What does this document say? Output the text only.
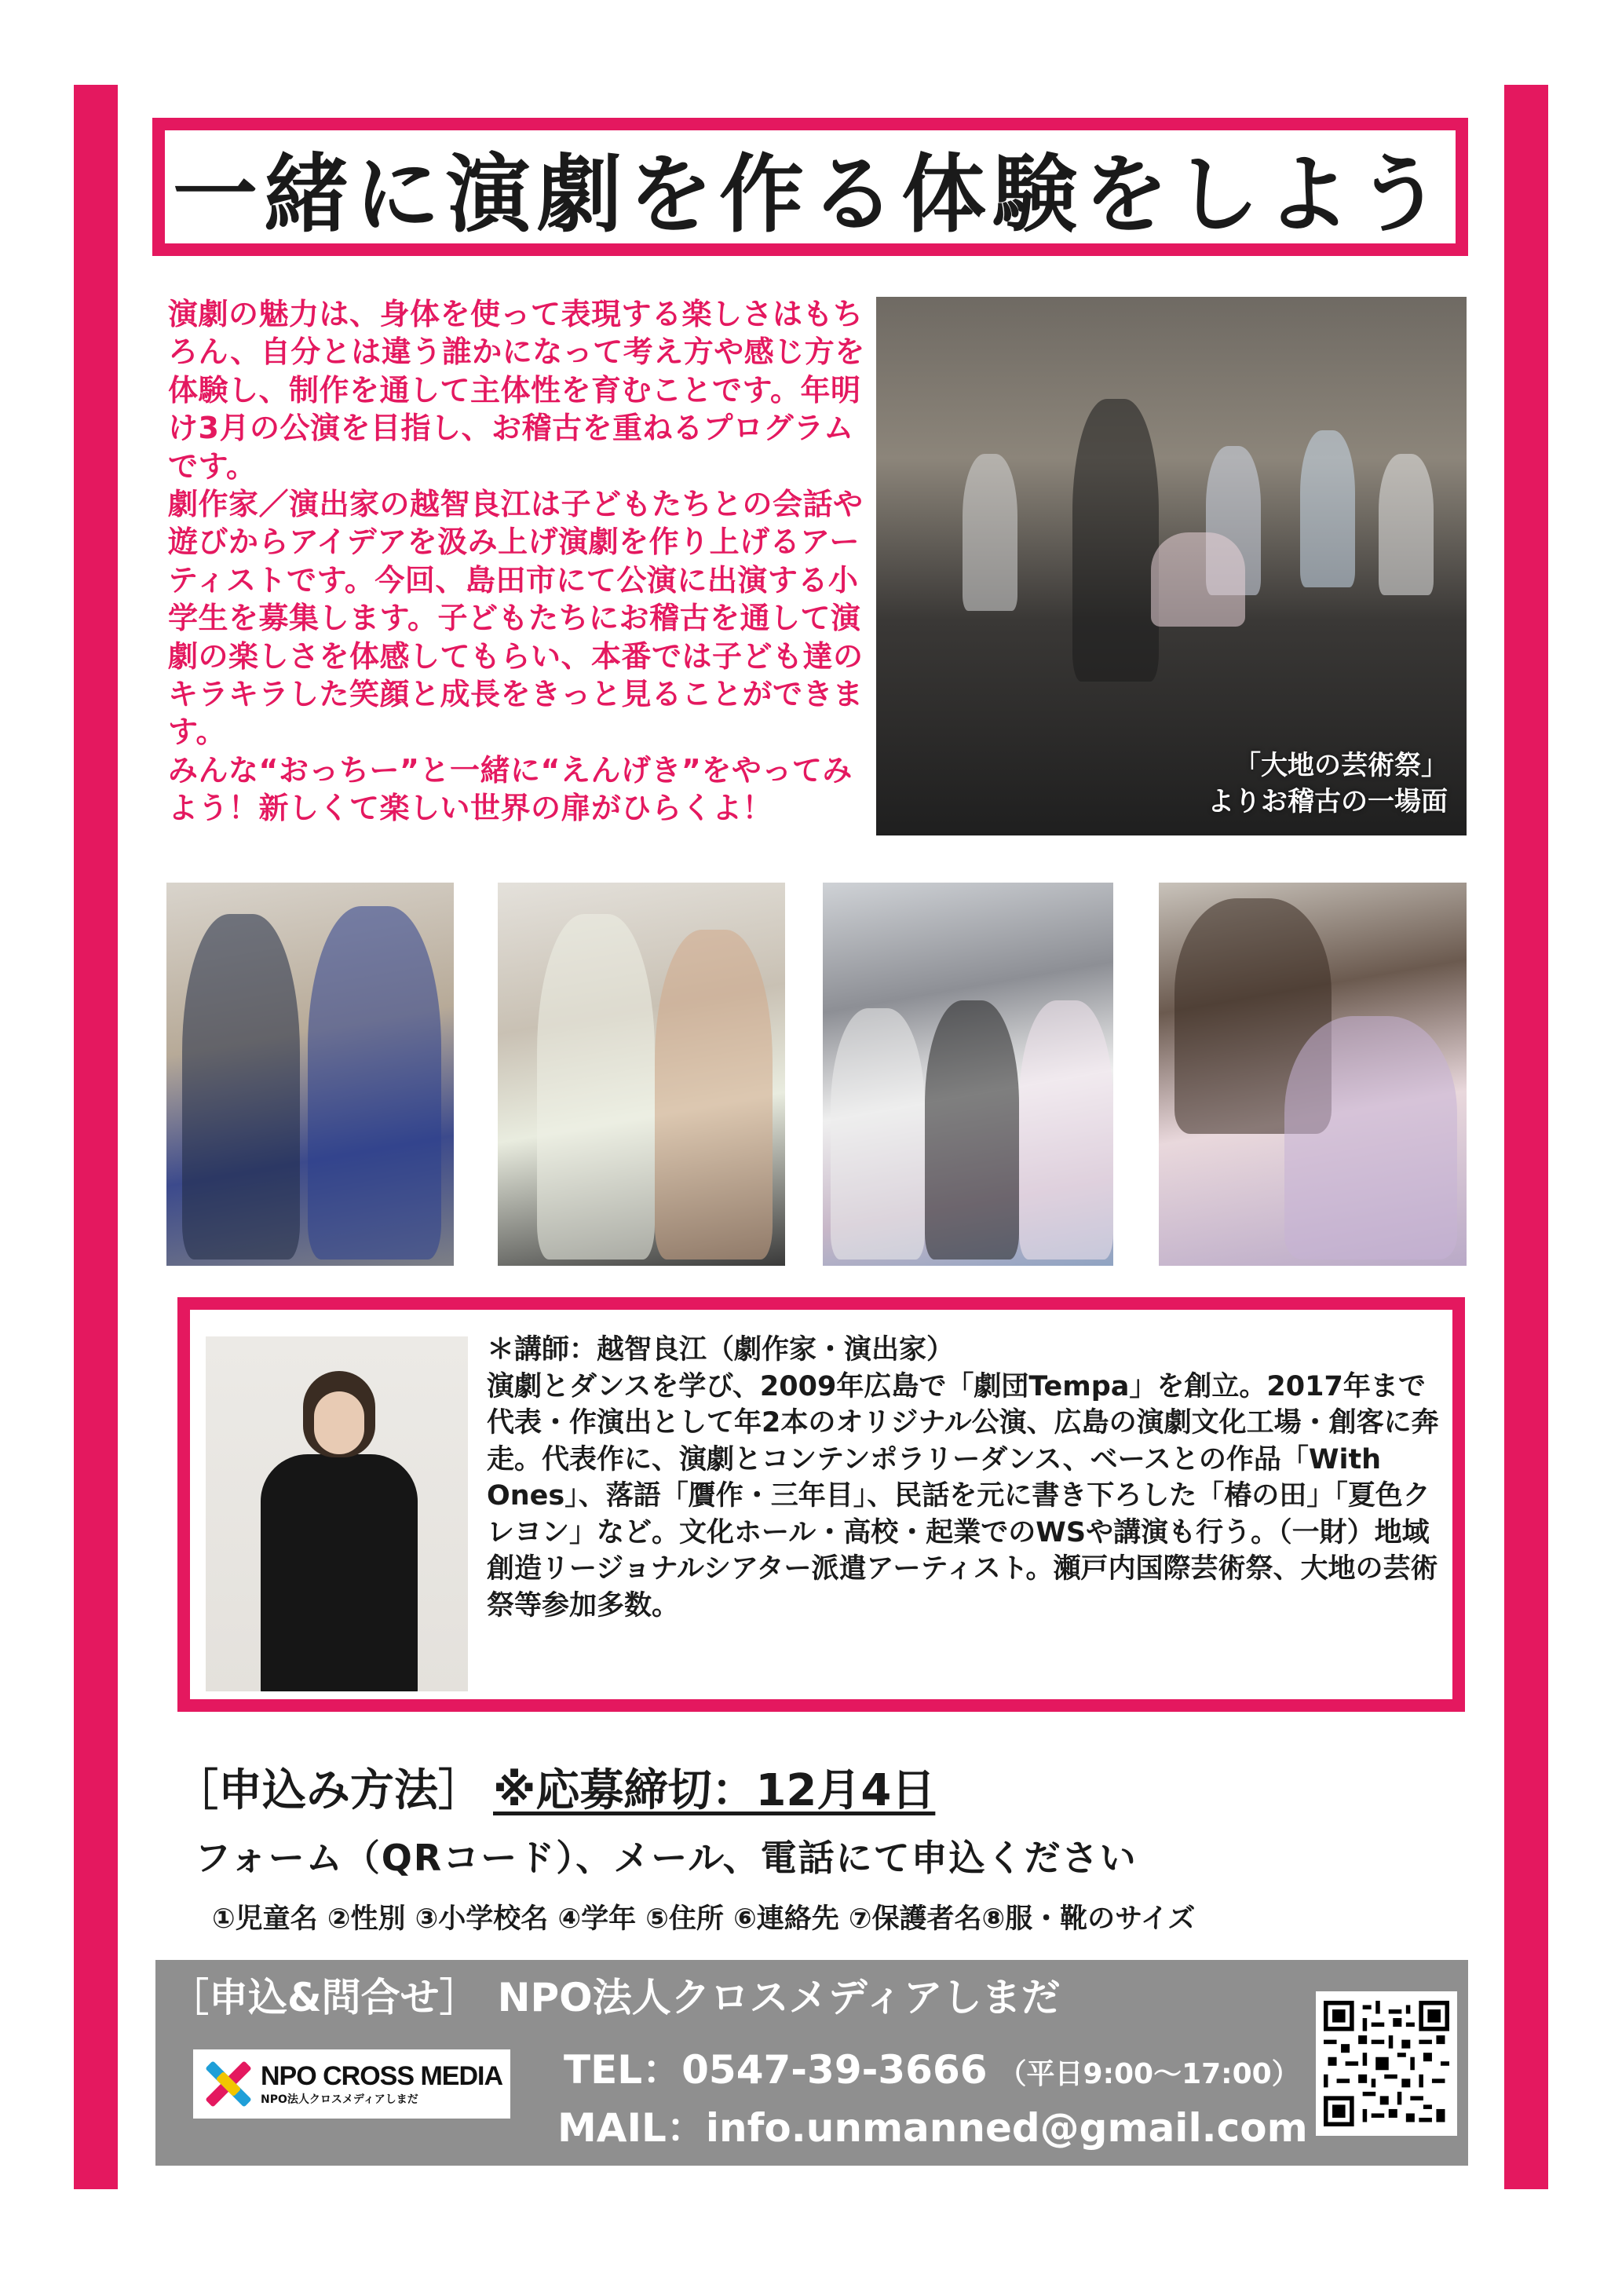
一緒に演劇を作る体験をしよう

演劇の魅力は、身体を使って表現する楽しさはもちろん、自分とは違う誰かになって考え方や感じ方を体験し、制作を通して主体性を育むことです。年明け3月の公演を目指し、お稽古を重ねるプログラムです。

劇作家／演出家の越智良江は子どもたちとの会話や遊びからアイデアを汲み上げ演劇を作り上げるアーティストです。今回、島田市にて公演に出演する小学生を募集します。子どもたちにお稽古を通して演劇の楽しさを体感してもらい、本番では子ども達のキラキラした笑顔と成長をきっと見ることができます。

みんな“おっちー”と一緒に“えんげき”をやってみよう！新しくて楽しい世界の扉がひらくよ！

「大地の芸術祭」
よりお稽古の一場面

＊講師：越智良江（劇作家・演出家）

演劇とダンスを学び、2009年広島で「劇団Tempa」を創立。2017年まで代表・作演出として年2本のオリジナル公演、広島の演劇文化工場・創客に奔走。代表作に、演劇とコンテンポラリーダンス、ベースとの作品「With Ones」、落語「贋作・三年目」、民話を元に書き下ろした「椿の田」「夏色クレヨン」など。文化ホール・高校・起業でのWSや講演も行う。（一財）地域創造リージョナルシアター派遣アーティスト。瀬戸内国際芸術祭、大地の芸術祭等参加多数。

［申込み方法］ ※応募締切：12月4日
フォーム（QRコード）、メール、電話にて申込ください
①児童名 ②性別 ③小学校名 ④学年 ⑤住所 ⑥連絡先 ⑦保護者名⑧服・靴のサイズ
［申込&問合せ］ NPO法人クロスメディアしまだ
NPO CROSS MEDIA
NPO法人クロスメディアしまだ
TEL：0547-39-3666 （平日9:00～17:00）
MAIL：info.unmanned@gmail.com
